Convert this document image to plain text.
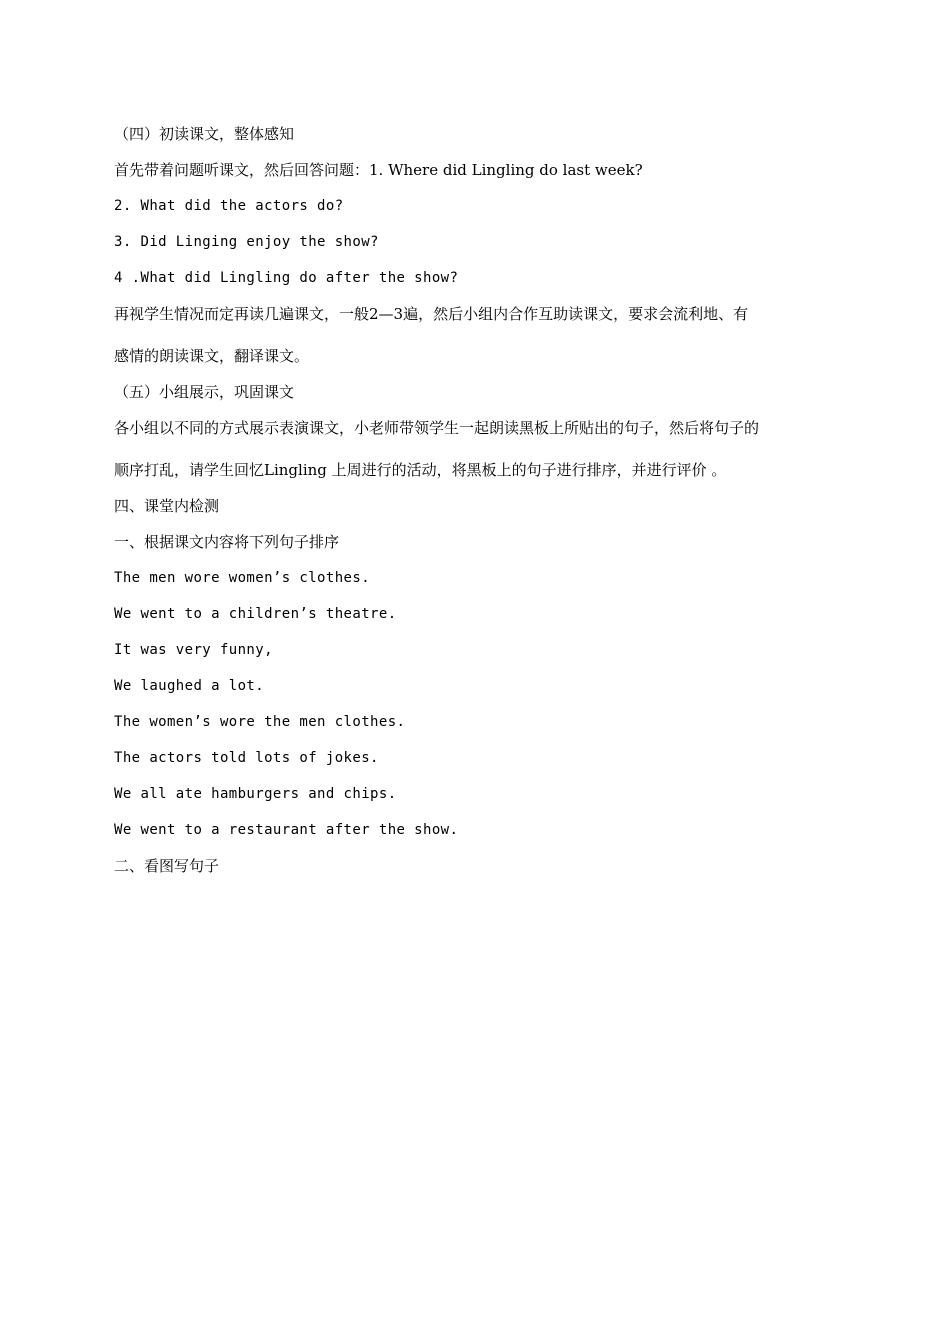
（四）初读课文，整体感知
首先带着问题听课文，然后回答问题：1. Where did Lingling do last week?
2. What did the actors do?
3. Did Linging enjoy the show?
4 .What did Lingling do after the show?
再视学生情况而定再读几遍课文，一般2—3遍，然后小组内合作互助读课文，要求会流利地、有
感情的朗读课文，翻译课文。
（五）小组展示，巩固课文
各小组以不同的方式展示表演课文，小老师带领学生一起朗读黑板上所贴出的句子，然后将句子的
顺序打乱，请学生回忆Lingling 上周进行的活动，将黑板上的句子进行排序，并进行评价 。
四、课堂内检测
一、根据课文内容将下列句子排序
The men wore women’s clothes.
We went to a children’s theatre.
It was very funny,
We laughed a lot.
The women’s wore the men clothes.
The actors told lots of jokes.
We all ate hamburgers and chips.
We went to a restaurant after the show.
二、看图写句子
